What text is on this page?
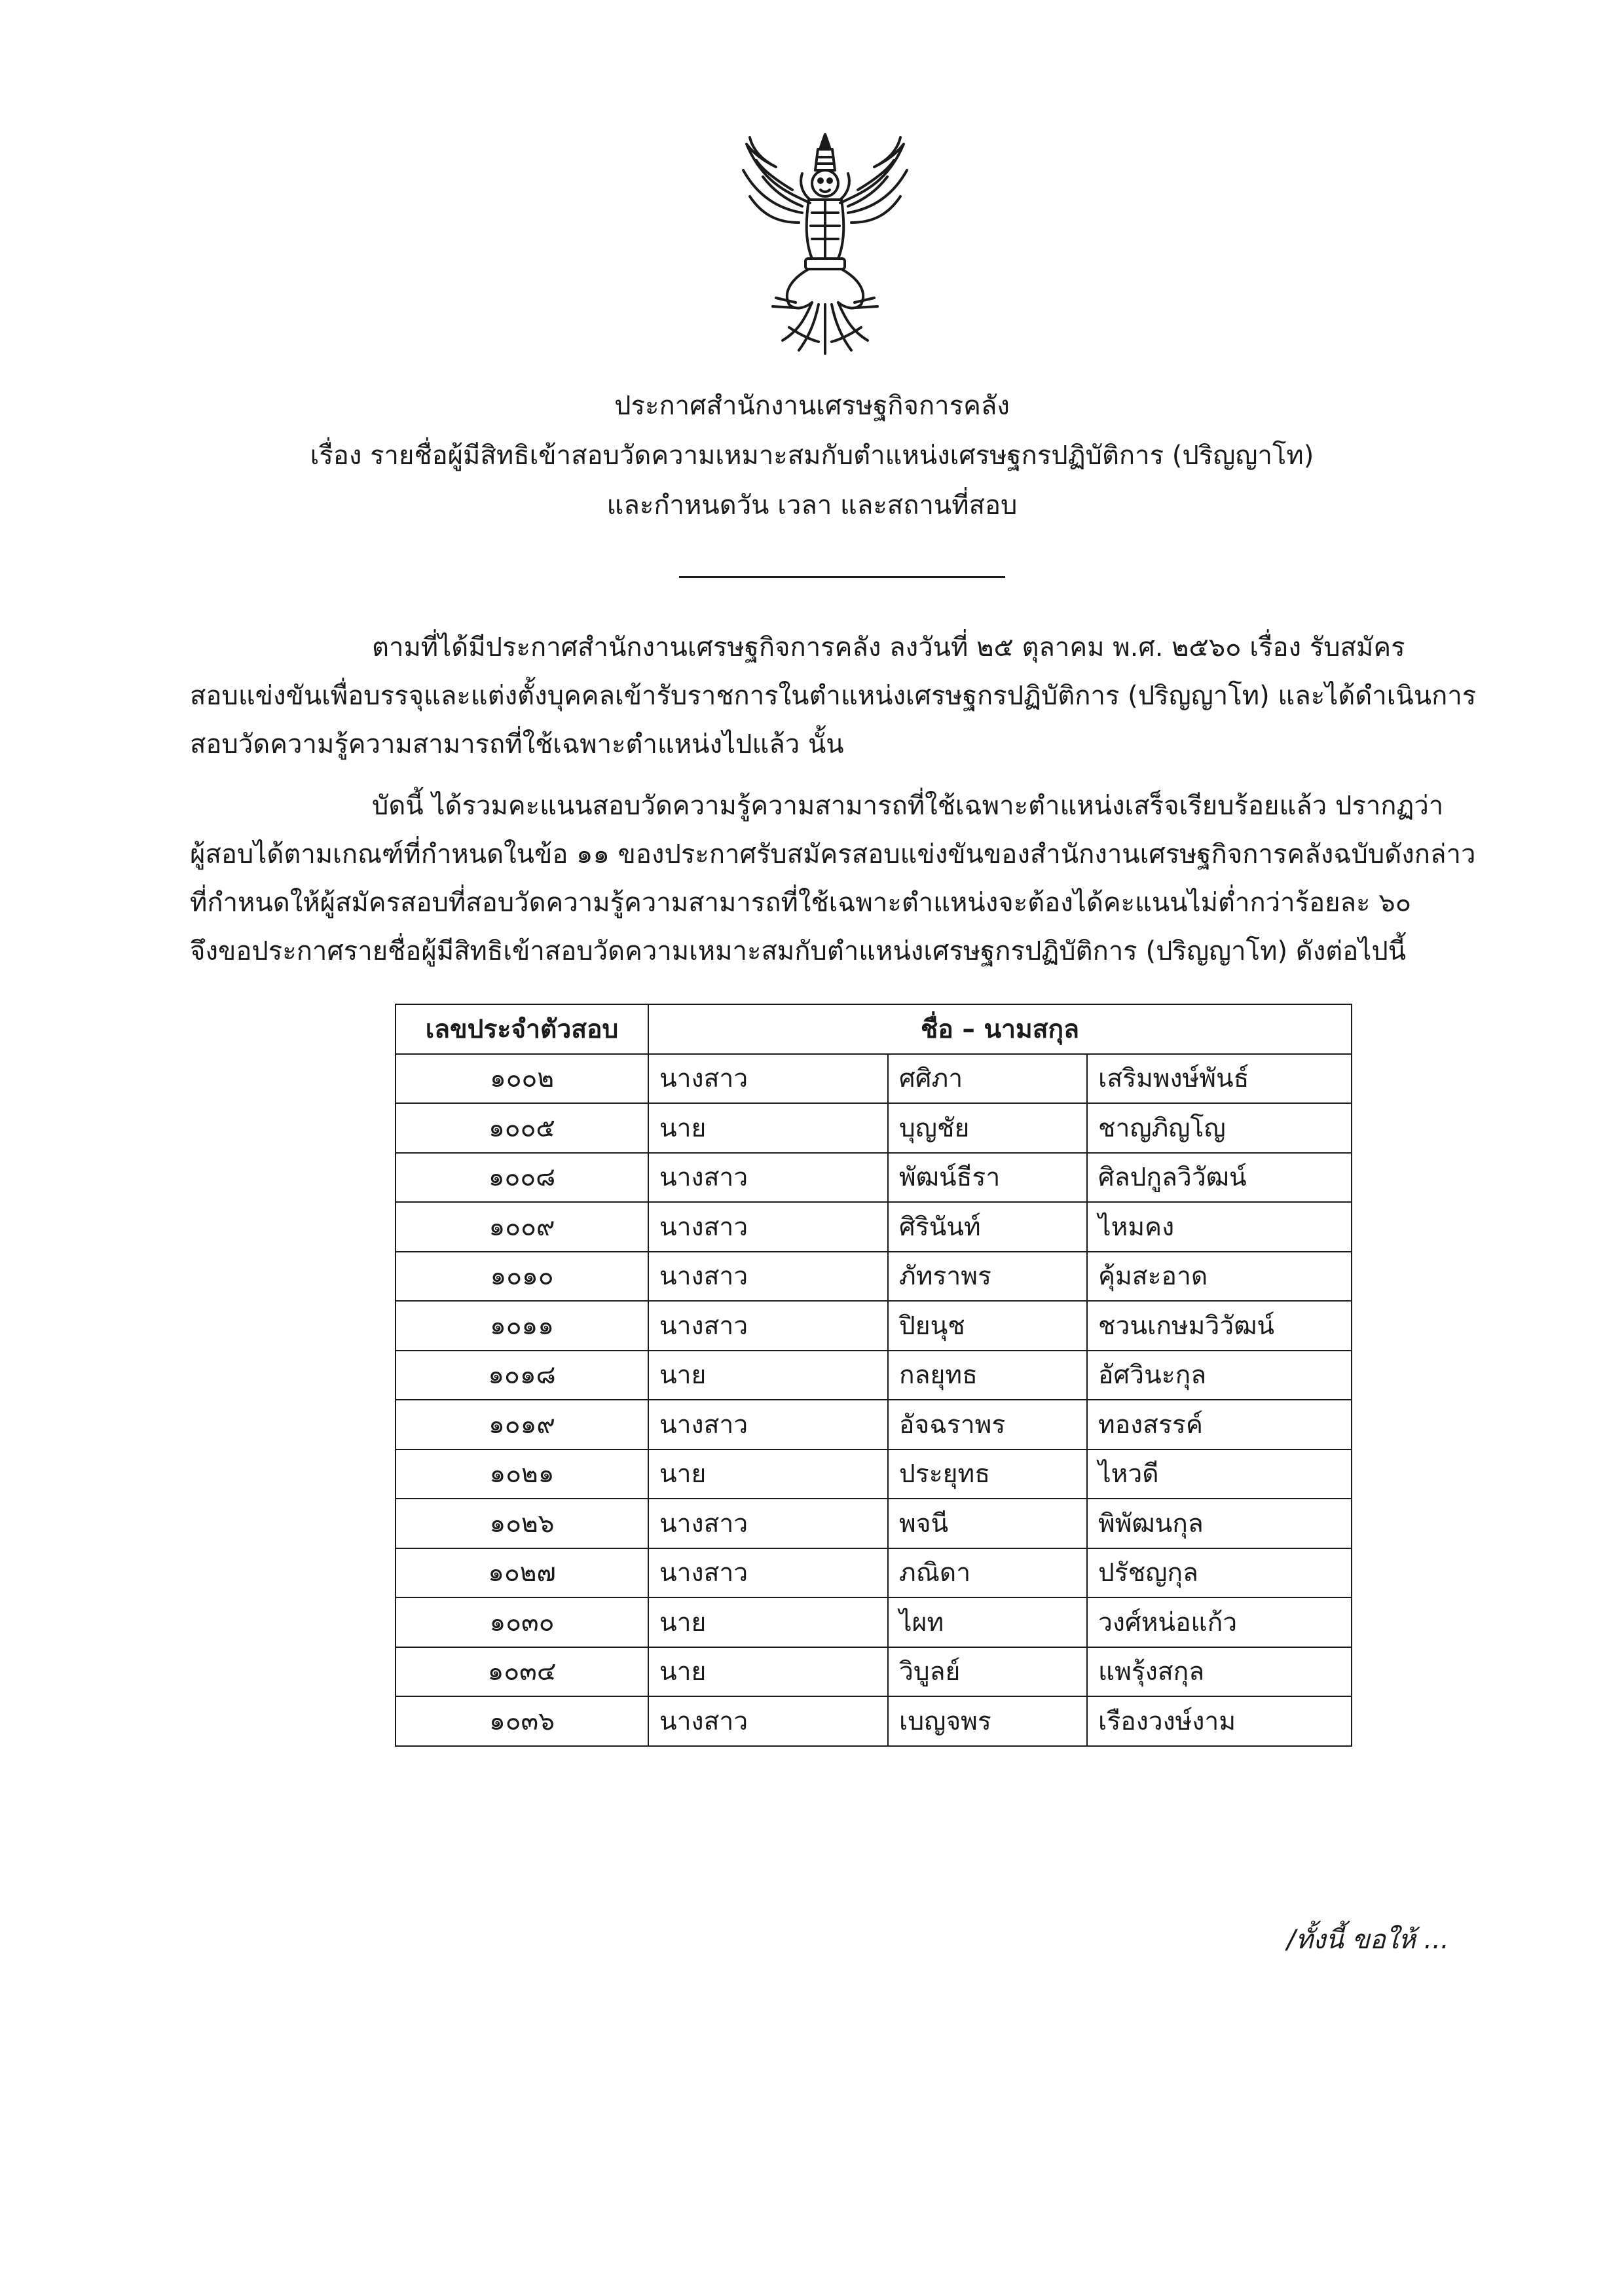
ประกาศสำนักงานเศรษฐกิจการคลัง
เรื่อง รายชื่อผู้มีสิทธิเข้าสอบวัดความเหมาะสมกับตำแหน่งเศรษฐกรปฏิบัติการ (ปริญญาโท)
และกำหนดวัน เวลา และสถานที่สอบ
ตามที่ได้มีประกาศสำนักงานเศรษฐกิจการคลัง ลงวันที่ ๒๕ ตุลาคม พ.ศ. ๒๕๖๐ เรื่อง รับสมัคร
สอบแข่งขันเพื่อบรรจุและแต่งตั้งบุคคลเข้ารับราชการในตำแหน่งเศรษฐกรปฏิบัติการ (ปริญญาโท) และได้ดำเนินการ
สอบวัดความรู้ความสามารถที่ใช้เฉพาะตำแหน่งไปแล้ว นั้น
บัดนี้ ได้รวมคะแนนสอบวัดความรู้ความสามารถที่ใช้เฉพาะตำแหน่งเสร็จเรียบร้อยแล้ว ปรากฏว่า
ผู้สอบได้ตามเกณฑ์ที่กำหนดในข้อ ๑๑ ของประกาศรับสมัครสอบแข่งขันของสำนักงานเศรษฐกิจการคลังฉบับดังกล่าว
ที่กำหนดให้ผู้สมัครสอบที่สอบวัดความรู้ความสามารถที่ใช้เฉพาะตำแหน่งจะต้องได้คะแนนไม่ต่ำกว่าร้อยละ ๖๐
จึงขอประกาศรายชื่อผู้มีสิทธิเข้าสอบวัดความเหมาะสมกับตำแหน่งเศรษฐกรปฏิบัติการ (ปริญญาโท) ดังต่อไปนี้
เลขประจำตัวสอบ	ชื่อ – นามสกุล		
๑๐๐๒	นางสาว	ศศิภา	เสริมพงษ์พันธ์
๑๐๐๕	นาย	บุญชัย	ชาญภิญโญ
๑๐๐๘	นางสาว	พัฒน์ธีรา	ศิลปกูลวิวัฒน์
๑๐๐๙	นางสาว	ศิรินันท์	ไหมคง
๑๐๑๐	นางสาว	ภัทราพร	คุ้มสะอาด
๑๐๑๑	นางสาว	ปิยนุช	ชวนเกษมวิวัฒน์
๑๐๑๘	นาย	กลยุทธ	อัศวินะกุล
๑๐๑๙	นางสาว	อัจฉราพร	ทองสรรค์
๑๐๒๑	นาย	ประยุทธ	ไหวดี
๑๐๒๖	นางสาว	พจนี	พิพัฒนกุล
๑๐๒๗	นางสาว	ภณิดา	ปรัชญกุล
๑๐๓๐	นาย	ไผท	วงศ์หน่อแก้ว
๑๐๓๔	นาย	วิบูลย์	แพรุ้งสกุล
๑๐๓๖	นางสาว	เบญจพร	เรืองวงษ์งาม
/ทั้งนี้ ขอให้ ...
